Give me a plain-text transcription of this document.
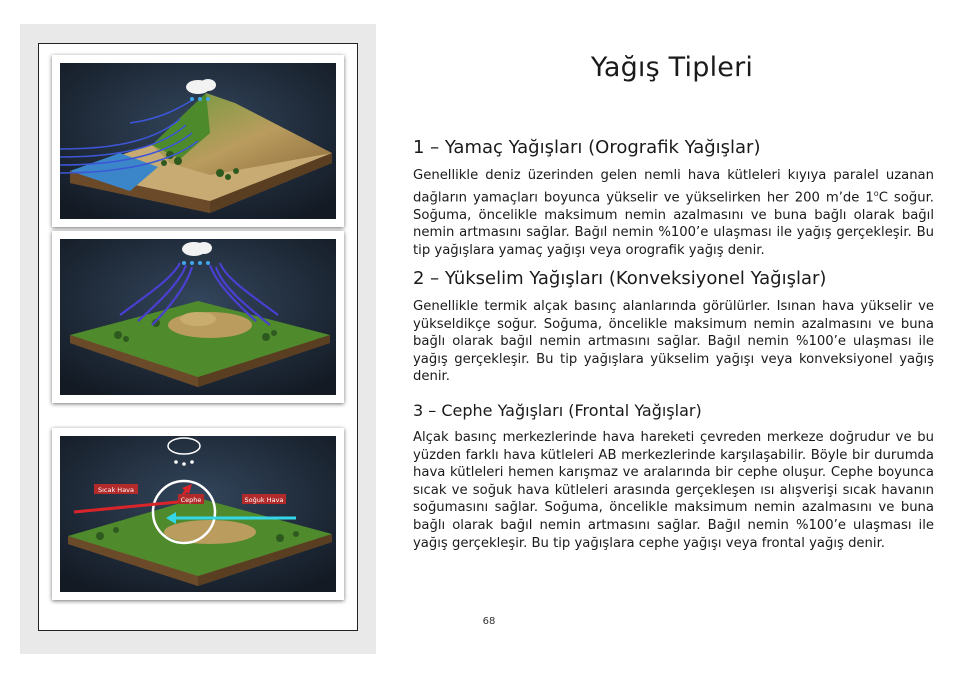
Sıcak Hava
Cephe	Soğuk Hava
Yağış Tipleri
1 – Yamaç Yağışları (Orografik Yağışlar)

Genellikle deniz üzerinden gelen nemli hava kütleleri kıyıya paralel uzanan dağların yamaçları boyunca yükselir ve yükselirken her 200 m’de 1$^o$C soğur. Soğuma, öncelikle maksimum nemin azalmasını ve buna bağlı olarak bağıl nemin artmasını sağlar. Bağıl nemin %100’e ulaşması ile yağış gerçekleşir. Bu tip yağışlara yamaç yağışı veya orografik yağış denir.

2 – Yükselim Yağışları (Konveksiyonel Yağışlar)

Genellikle termik alçak basınç alanlarında görülürler. Isınan hava yükselir ve yükseldikçe soğur. Soğuma, öncelikle maksimum nemin azalmasını ve buna bağlı olarak bağıl nemin artmasını sağlar. Bağıl nemin %100’e ulaşması ile yağış gerçekleşir. Bu tip yağışlara yükselim yağışı veya konveksiyonel yağış denir.

3 – Cephe Yağışları (Frontal Yağışlar)

Alçak basınç merkezlerinde hava hareketi çevreden merkeze doğrudur ve bu yüzden farklı hava kütleleri AB merkezlerinde karşılaşabilir. Böyle bir durumda hava kütleleri hemen karışmaz ve aralarında bir cephe oluşur. Cephe boyunca sıcak ve soğuk hava kütleleri arasında gerçekleşen ısı alışverişi sıcak havanın soğumasını sağlar. Soğuma, öncelikle maksimum nemin azalmasını ve buna bağlı olarak bağıl nemin artmasını sağlar. Bağıl nemin %100’e ulaşması ile yağış gerçekleşir. Bu tip yağışlara cephe yağışı veya frontal yağış denir.

68
